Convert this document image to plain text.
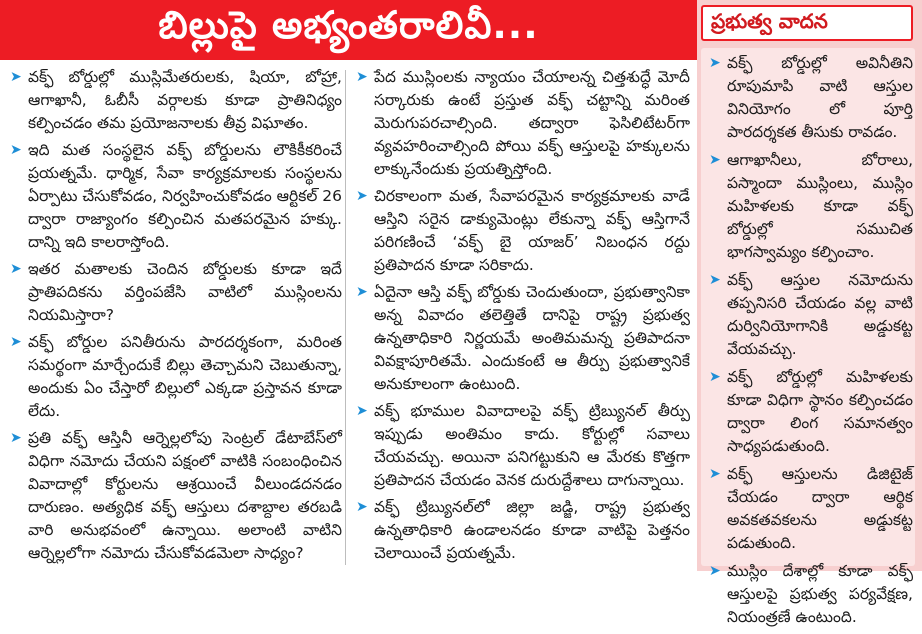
బిల్లుపై అభ్యంతరాలివీ...
➤ వక్ఫ్ బోర్డుల్లో ముస్లిమేతరులకు, షియా, బోహ్రా, ఆగాఖానీ, ఓబీసీ వర్గాలకు కూడా ప్రాతినిధ్యం కల్పించడం తమ ప్రయోజనాలకు తీవ్ర విఘాతం.
➤ ఇది మత సంస్థలైన వక్ఫ్ బోర్డులను లౌకికీకరించే ప్రయత్నమే. ధార్మిక, సేవా కార్యక్రమాలకు సంస్థలను ఏర్పాటు చేసుకోవడం, నిర్వహించుకోవడం ఆర్టికల్ 26 ద్వారా రాజ్యాంగం కల్పించిన మతపరమైన హక్కు. దాన్ని ఇది కాలరాస్తోంది.
➤ ఇతర మతాలకు చెందిన బోర్డులకు కూడా ఇదే ప్రాతిపదికను వర్తింపజేసి వాటిలో ముస్లింలను నియమిస్తారా?
➤ వక్ఫ్ బోర్డుల పనితీరును పారదర్శకంగా, మరింత సమర్థంగా మార్చేందుకే బిల్లు తెచ్చామని చెబుతున్నా, అందుకు ఏం చేస్తారో బిల్లులో ఎక్కడా ప్రస్తావన కూడా లేదు.
➤ ప్రతి వక్ఫ్ ఆస్తినీ ఆర్నెల్లలోపు సెంట్రల్ డేటాబేస్‌లో విధిగా నమోదు చేయని పక్షంలో వాటికి సంబంధించిన వివాదాల్లో కోర్టులను ఆశ్రయించే వీలుండదనడం దారుణం. అత్యధిక వక్ఫ్ ఆస్తులు దశాబ్దాల తరబడి వారి అనుభవంలో ఉన్నాయి. అలాంటి వాటిని ఆర్నెల్లలోగా నమోదు చేసుకోవడమెలా సాధ్యం?
➤ పేద ముస్లింలకు న్యాయం చేయాలన్న చిత్తశుద్ధే మోదీ సర్కారుకు ఉంటే ప్రస్తుత వక్ఫ్ చట్టాన్ని మరింత మెరుగుపరచాల్సింది. తద్వారా ఫెసిలిటేటర్‌గా వ్యవహరించాల్సింది పోయి వక్ఫ్ ఆస్తులపై హక్కులను లాక్కునేందుకు ప్రయత్నిస్తోంది.
➤ చిరకాలంగా మత, సేవాపరమైన కార్యక్రమాలకు వాడే ఆస్తిని సరైన డాక్యుమెంట్లు లేకున్నా వక్ఫ్ ఆస్తిగానే పరిగణించే ‘వక్ఫ్ బై యాజర్’ నిబంధన రద్దు ప్రతిపాదన కూడా సరికాదు.
➤ ఏదైనా ఆస్తి వక్ఫ్ బోర్డుకు చెందుతుందా, ప్రభుత్వానికా అన్న వివాదం తలెత్తితే దానిపై రాష్ట్ర ప్రభుత్వ ఉన్నతాధికారి నిర్ణయమే అంతిమమన్న ప్రతిపాదనా వివక్షాపూరితమే. ఎందుకంటే ఆ తీర్పు ప్రభుత్వానికే అనుకూలంగా ఉంటుంది.
➤ వక్ఫ్ భూముల వివాదాలపై వక్ఫ్ ట్రిబ్యునల్ తీర్పు ఇప్పుడు అంతిమం కాదు. కోర్టుల్లో సవాలు చేయవచ్చు. అయినా పనిగట్టుకుని ఆ మేరకు కొత్తగా ప్రతిపాదన చేయడం వెనక దురుద్దేశాలు దాగున్నాయి.
➤ వక్ఫ్ ట్రిబ్యునల్‌లో జిల్లా జడ్జి, రాష్ట్ర ప్రభుత్వ ఉన్నతాధికారి ఉండాలనడం కూడా వాటిపై పెత్తనం చెలాయించే ప్రయత్నమే.
ప్రభుత్వ వాదన
➤ వక్ఫ్ బోర్డుల్లో అవినీతిని రూపుమాపి వాటి ఆస్తుల వినియోగం లో పూర్తి పారదర్శకత తీసుకు రావడం.
➤ ఆగాఖానీలు, బోరాలు, పస్మాందా ముస్లింలు, ముస్లిం మహిళలకు కూడా వక్ఫ్ బోర్డుల్లో సముచిత భాగస్వామ్యం కల్పించాం.
➤ వక్ఫ్ ఆస్తుల నమోదును తప్పనిసరి చేయడం వల్ల వాటి దుర్వినియోగానికి అడ్డుకట్ట వేయవచ్చు.
➤ వక్ఫ్ బోర్డుల్లో మహిళలకు కూడా విధిగా స్థానం కల్పించడం ద్వారా లింగ సమానత్వం సాధ్యపడుతుంది.
➤ వక్ఫ్ ఆస్తులను డిజిటైజ్ చేయడం ద్వారా ఆర్థిక అవకతవకలను అడ్డుకట్ట పడుతుంది.
➤ ముస్లిం దేశాల్లో కూడా వక్ఫ్ ఆస్తులపై ప్రభుత్వ పర్యవేక్షణ, నియంత్రణే ఉంటుంది.
